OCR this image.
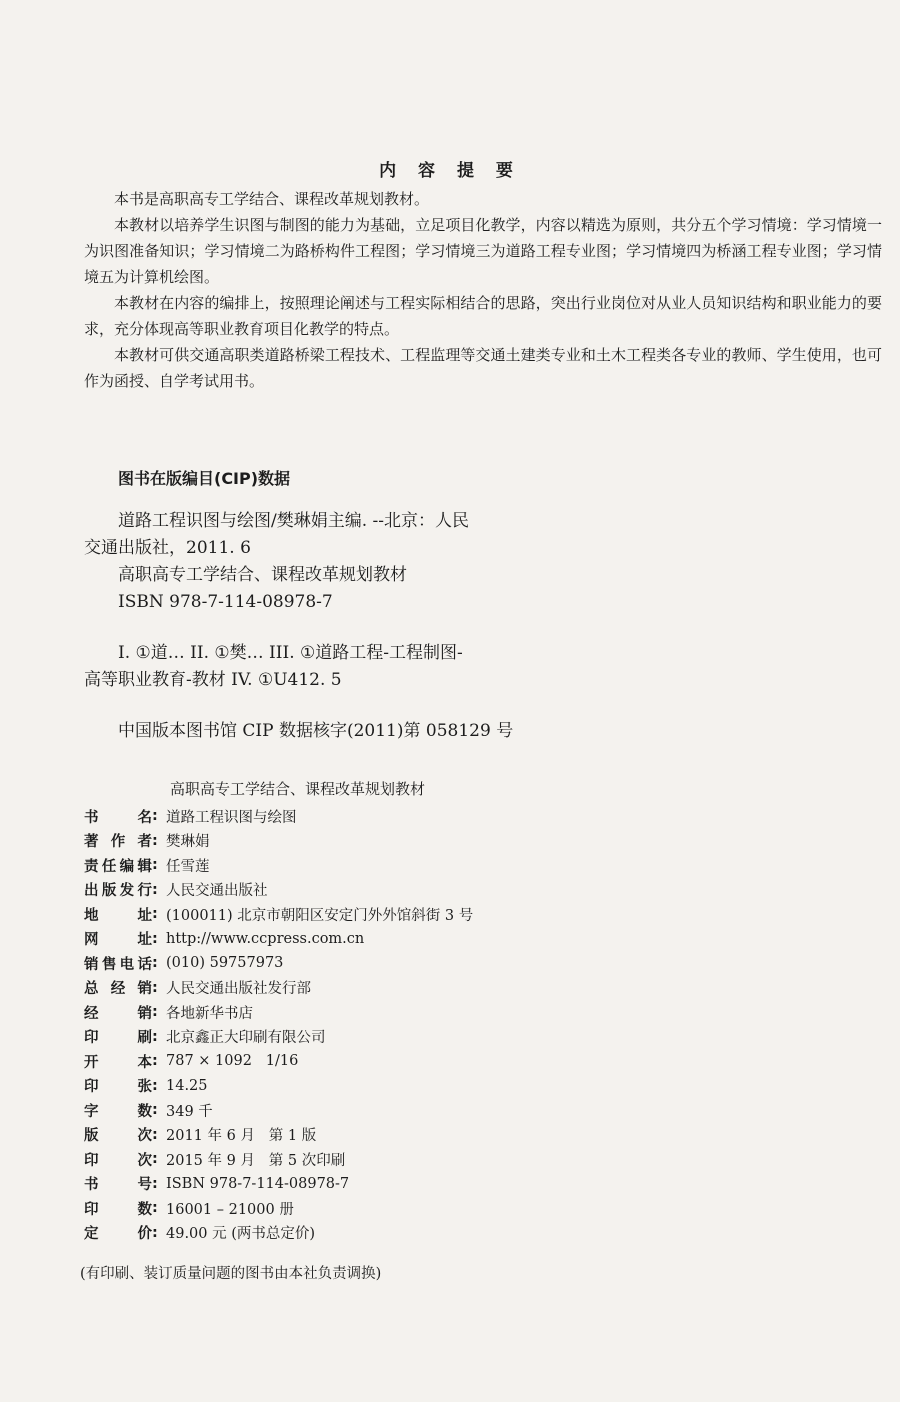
内 容 提 要

本书是高职高专工学结合、课程改革规划教材。

本教材以培养学生识图与制图的能力为基础，立足项目化教学，内容以精选为原则，共分五个学习情境：学习情境一为识图准备知识；学习情境二为路桥构件工程图；学习情境三为道路工程专业图；学习情境四为桥涵工程专业图；学习情境五为计算机绘图。

本教材在内容的编排上，按照理论阐述与工程实际相结合的思路，突出行业岗位对从业人员知识结构和职业能力的要求，充分体现高等职业教育项目化教学的特点。

本教材可供交通高职类道路桥梁工程技术、工程监理等交通土建类专业和土木工程类各专业的教师、学生使用，也可作为函授、自学考试用书。

图书在版编目(CIP)数据

道路工程识图与绘图/樊琳娟主编. --北京：人民

交通出版社，2011. 6

高职高专工学结合、课程改革规划教材

ISBN 978-7-114-08978-7

I. ①道… II. ①樊… III. ①道路工程-工程制图-

高等职业教育-教材 IV. ①U412. 5

中国版本图书馆 CIP 数据核字(2011)第 058129 号

高职高专工学结合、课程改革规划教材
书名 : 道路工程识图与绘图
著作者 : 樊琳娟
责任编辑 : 任雪莲
出版发行 : 人民交通出版社
地址 : (100011) 北京市朝阳区安定门外外馆斜街 3 号
网址 : http://www.ccpress.com.cn
销售电话 : (010) 59757973
总经销 : 人民交通出版社发行部
经销 : 各地新华书店
印刷 : 北京鑫正大印刷有限公司
开本 : 787 × 1092   1/16
印张 : 14.25
字数 : 349 千
版次 : 2011 年 6 月   第 1 版
印次 : 2015 年 9 月   第 5 次印刷
书号 : ISBN 978-7-114-08978-7
印数 : 16001 – 21000 册
定价 : 49.00 元 (两书总定价)
(有印刷、装订质量问题的图书由本社负责调换)
